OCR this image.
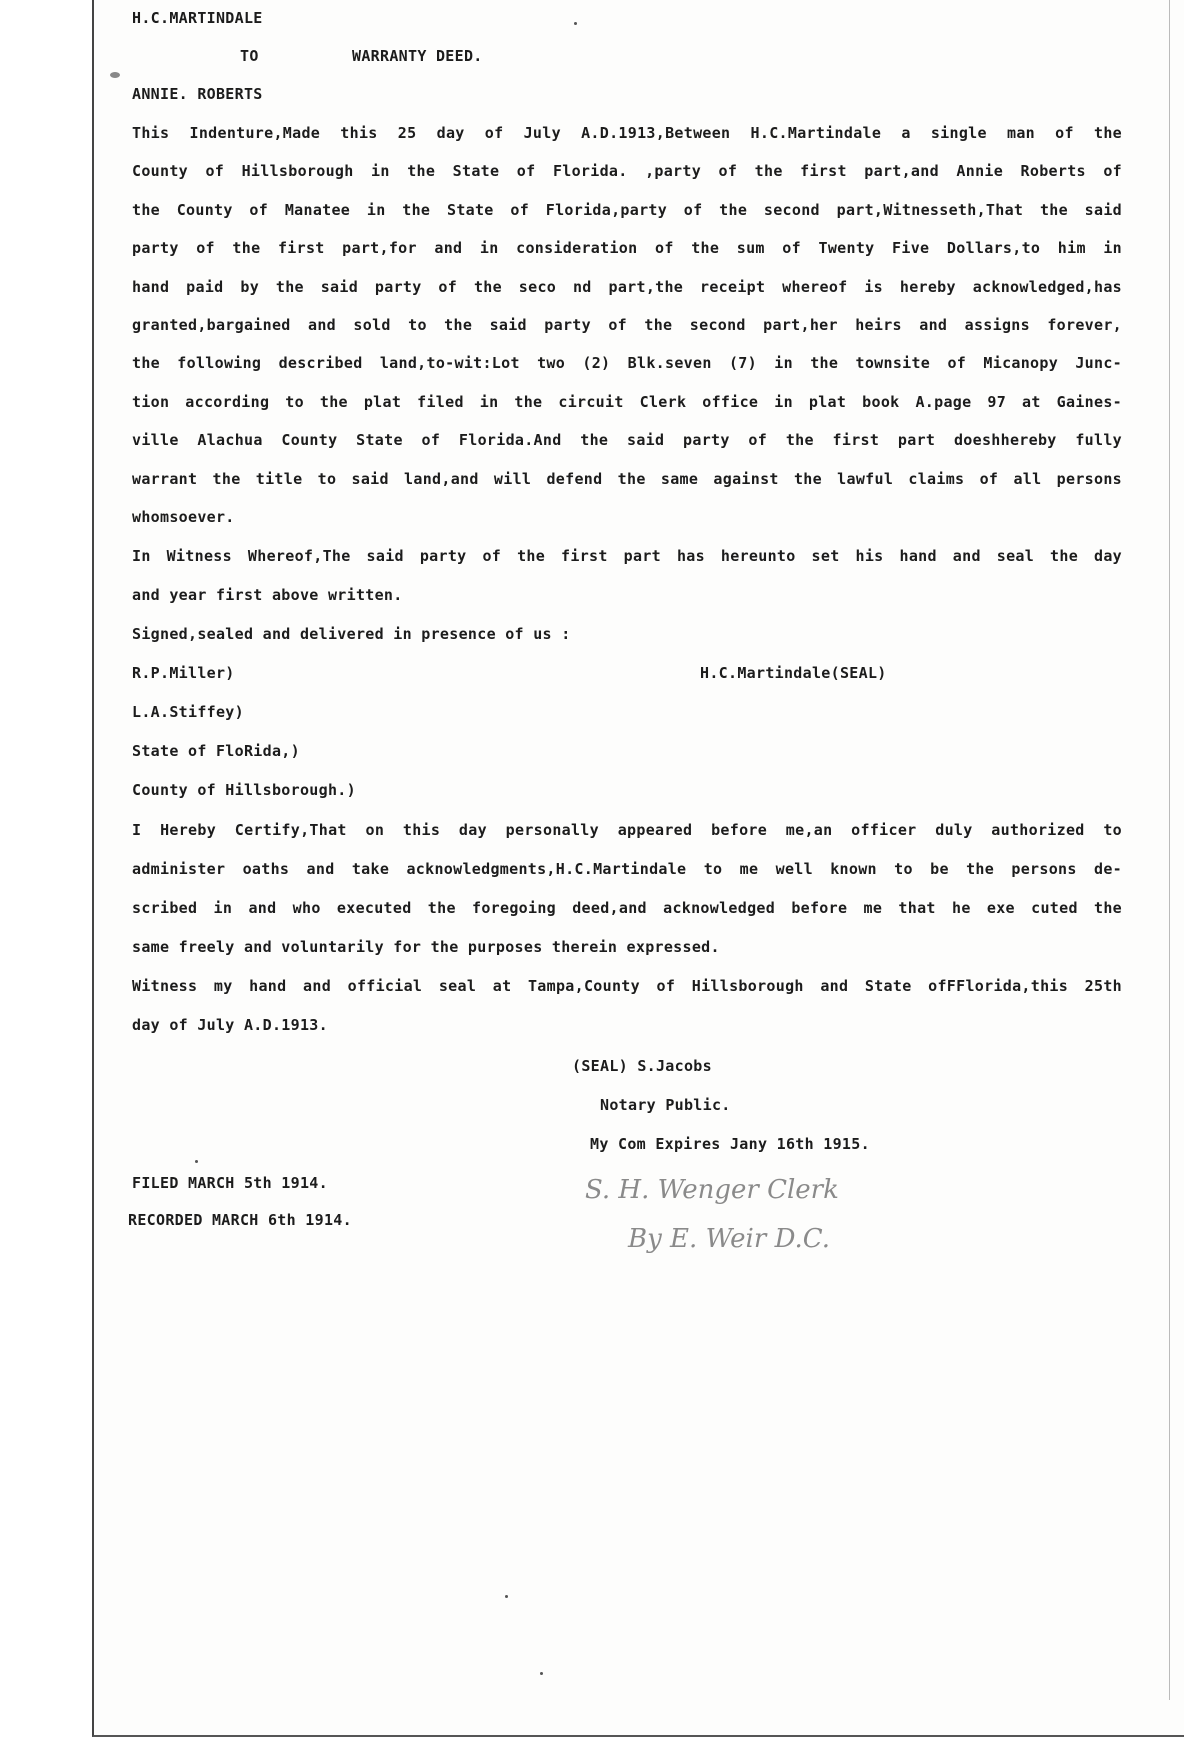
H.C.MARTINDALE
TO	WARRANTY DEED.
ANNIE. ROBERTS
This Indenture,Made this 25 day of July A.D.1913,Between H.C.Martindale a single man of the
County of Hillsborough in the State of Florida. ,party of the first part,and Annie Roberts of
the County of Manatee in the State of Florida,party of the second part,Witnesseth,That the said
party of the first part,for and in consideration of the sum of Twenty Five Dollars,to him in
hand paid by the said party of the seco nd part,the receipt whereof is hereby acknowledged,has
granted,bargained and sold to the said party of the second part,her heirs and assigns forever,
the following described land,to-wit:Lot two (2) Blk.seven (7) in the townsite of Micanopy Junc-
tion according to the plat filed in the circuit Clerk office in plat book A.page 97 at Gaines-
ville Alachua County State of Florida.And the said party of the first part doeshhereby fully
warrant the title to said land,and will defend the same against the lawful claims of all persons
whomsoever.
In Witness Whereof,The said party of the first part has hereunto set his hand and seal the day
and year first above written.
Signed,sealed and delivered in presence of us :
R.P.Miller)	H.C.Martindale(SEAL)
L.A.Stiffey)
State of FloRida,)
County of Hillsborough.)
I Hereby Certify,That on this day personally appeared before me,an officer duly authorized to
administer oaths and take acknowledgments,H.C.Martindale to me well known to be the persons de-
scribed in and who executed the foregoing deed,and acknowledged before me that he exe cuted the
same freely and voluntarily for the purposes therein expressed.
Witness my hand and official seal at Tampa,County of Hillsborough and State ofFFlorida,this 25th
day of July A.D.1913.
(SEAL) S.Jacobs
Notary Public.
My Com Expires Jany 16th 1915.
FILED MARCH 5th 1914.
RECORDED MARCH 6th 1914.
S. H. Wenger Clerk
By E. Weir D.C.
